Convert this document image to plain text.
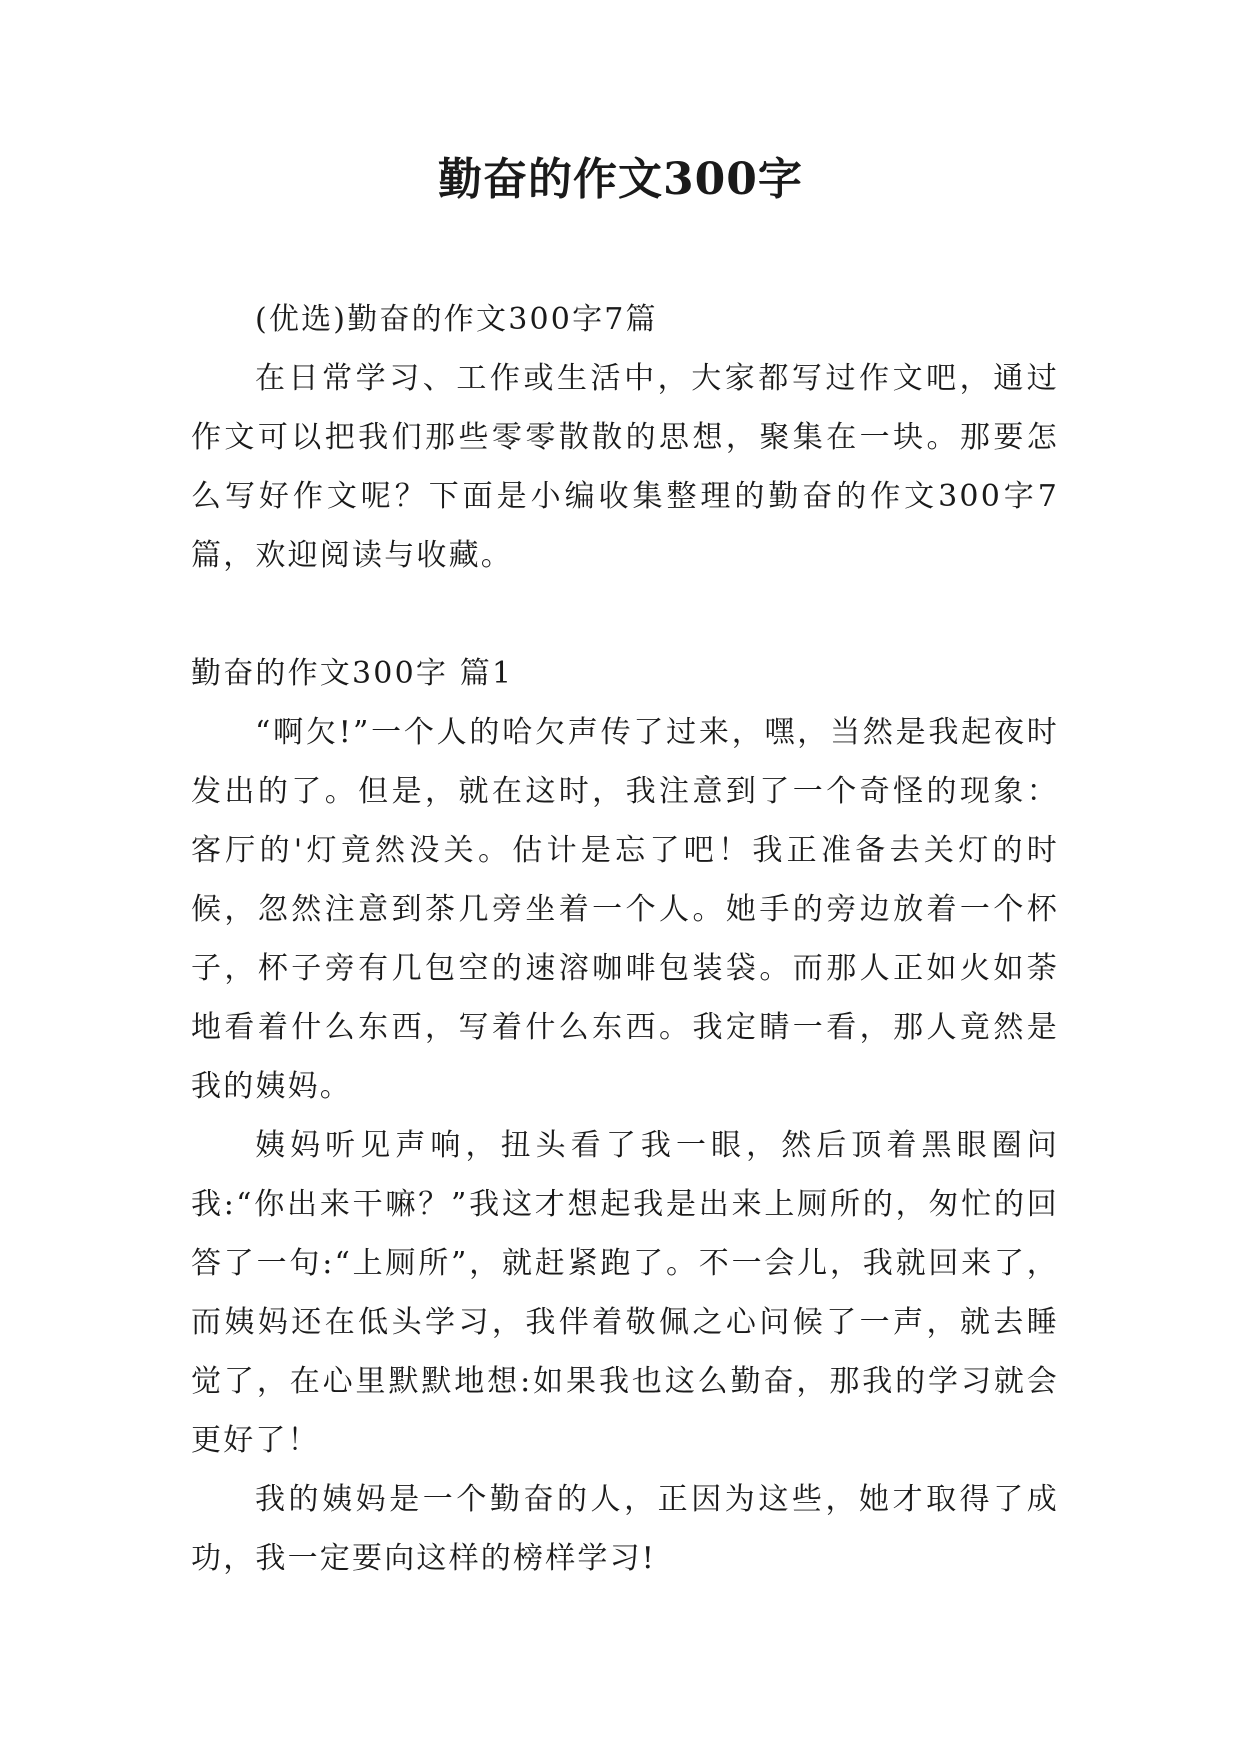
勤奋的作文300字

(优选)勤奋的作文300字7篇

在日常学习、工作或生活中，大家都写过作文吧，通过作文可以把我们那些零零散散的思想，聚集在一块。那要怎么写好作文呢？下面是小编收集整理的勤奋的作文300字7篇，欢迎阅读与收藏。

勤奋的作文300字 篇1

“啊欠!”一个人的哈欠声传了过来，嘿，当然是我起夜时发出的了。但是，就在这时，我注意到了一个奇怪的现象：客厅的'灯竟然没关。估计是忘了吧！我正准备去关灯的时候，忽然注意到茶几旁坐着一个人。她手的旁边放着一个杯子，杯子旁有几包空的速溶咖啡包装袋。而那人正如火如荼地看着什么东西，写着什么东西。我定睛一看，那人竟然是我的姨妈。

姨妈听见声响，扭头看了我一眼，然后顶着黑眼圈问我:“你出来干嘛？”我这才想起我是出来上厕所的，匆忙的回答了一句:“上厕所”，就赶紧跑了。不一会儿，我就回来了，而姨妈还在低头学习，我伴着敬佩之心问候了一声，就去睡觉了，在心里默默地想:如果我也这么勤奋，那我的学习就会更好了！

我的姨妈是一个勤奋的人，正因为这些，她才取得了成功，我一定要向这样的榜样学习!
